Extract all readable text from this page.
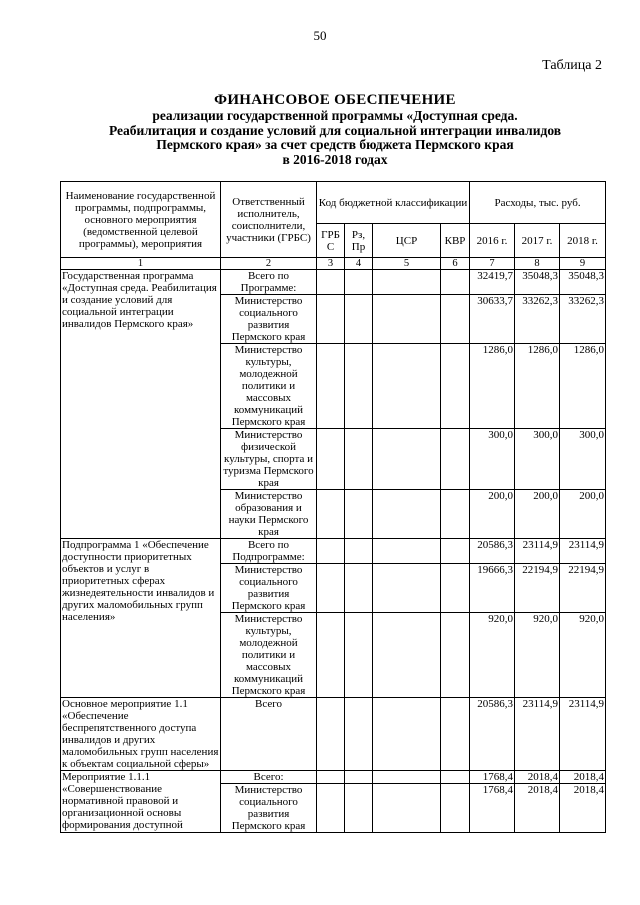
50
Таблица 2
ФИНАНСОВОЕ ОБЕСПЕЧЕНИЕ
реализации государственной программы «Доступная среда.
Реабилитация и создание условий для социальной интеграции инвалидов
Пермского края» за счет средств бюджета Пермского края
в 2016-2018 годах
Наименование государственной программы, подпрограммы, основного мероприятия (ведомственной целевой программы), мероприятия	Ответственный исполнитель, соисполнители, участники (ГРБС)	Код бюджетной классификации				Расходы, тыс. руб.		
		ГРБ С	Рз, Пр	ЦСР	КВР	2016 г.	2017 г.	2018 г.
1	2	3	4	5	6	7	8	9
Государственная программа «Доступная среда. Реабилитация и создание условий для социальной интеграции инвалидов Пермского края»	Всего по Программе:					32419,7	35048,3	35048,3
	Министерство социального развития Пермского края					30633,7	33262,3	33262,3
	Министерство культуры, молодежной политики и массовых коммуникаций Пермского края					1286,0	1286,0	1286,0
	Министерство физической культуры, спорта и туризма Пермского края					300,0	300,0	300,0
	Министерство образования и науки Пермского края					200,0	200,0	200,0
Подпрограмма 1 «Обеспечение доступности приоритетных объектов и услуг в приоритетных сферах жизнедеятельности инвалидов и других маломобильных групп населения»	Всего по Подпрограмме:					20586,3	23114,9	23114,9
	Министерство социального развития Пермского края					19666,3	22194,9	22194,9
	Министерство культуры, молодежной политики и массовых коммуникаций Пермского края					920,0	920,0	920,0
Основное мероприятие 1.1 «Обеспечение беспрепятственного доступа инвалидов и других маломобильных групп населения к объектам социальной сферы»	Всего					20586,3	23114,9	23114,9
Мероприятие 1.1.1 «Совершенствование нормативной правовой и организационной основы формирования доступной	Всего:					1768,4	2018,4	2018,4
	Министерство социального развития Пермского края					1768,4	2018,4	2018,4
